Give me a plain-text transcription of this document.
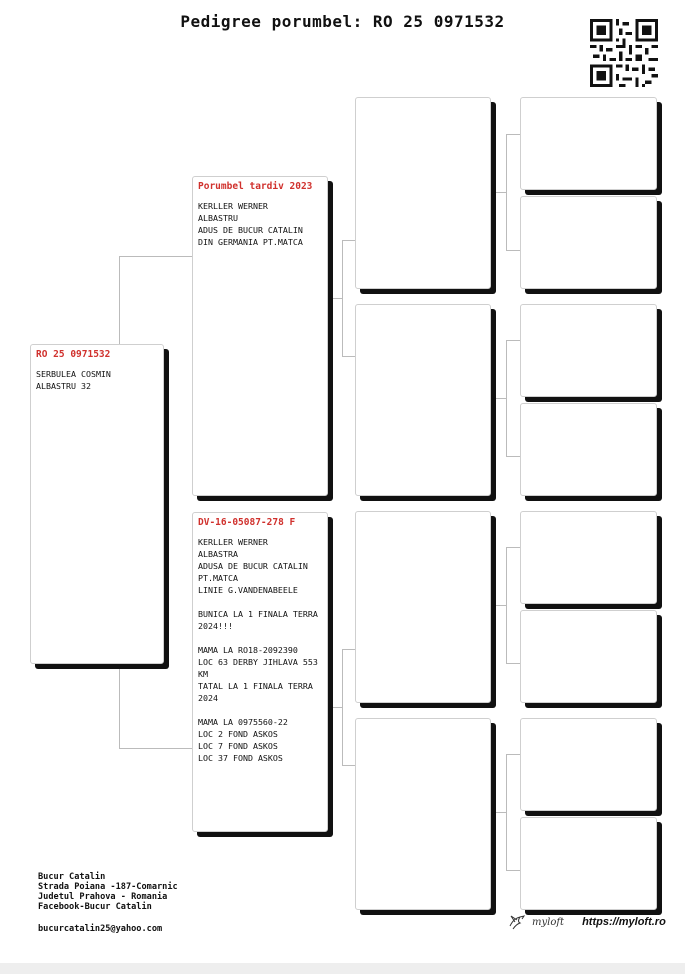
Pedigree porumbel: RO 25 0971532
RO 25 0971532
SERBULEA COSMIN
ALBASTRU 32
Porumbel tardiv 2023
KERLLER WERNER
ALBASTRU
ADUS DE BUCUR CATALIN
DIN GERMANIA PT.MATCA
DV-16-05087-278 F
KERLLER WERNER
ALBASTRA
ADUSA DE BUCUR CATALIN
PT.MATCA
LINIE G.VANDENABEELE

BUNICA LA 1 FINALA TERRA
2024!!!

MAMA LA RO18-2092390
LOC 63 DERBY JIHLAVA 553
KM
TATAL LA 1 FINALA TERRA
2024

MAMA LA 0975560-22
LOC 2 FOND ASKOS
LOC 7 FOND ASKOS
LOC 37 FOND ASKOS
Bucur Catalin
Strada Poiana -187-Comarnic
Judetul Prahova - Romania
Facebook-Bucur Catalin
bucurcatalin25@yahoo.com
myloft https://myloft.ro
